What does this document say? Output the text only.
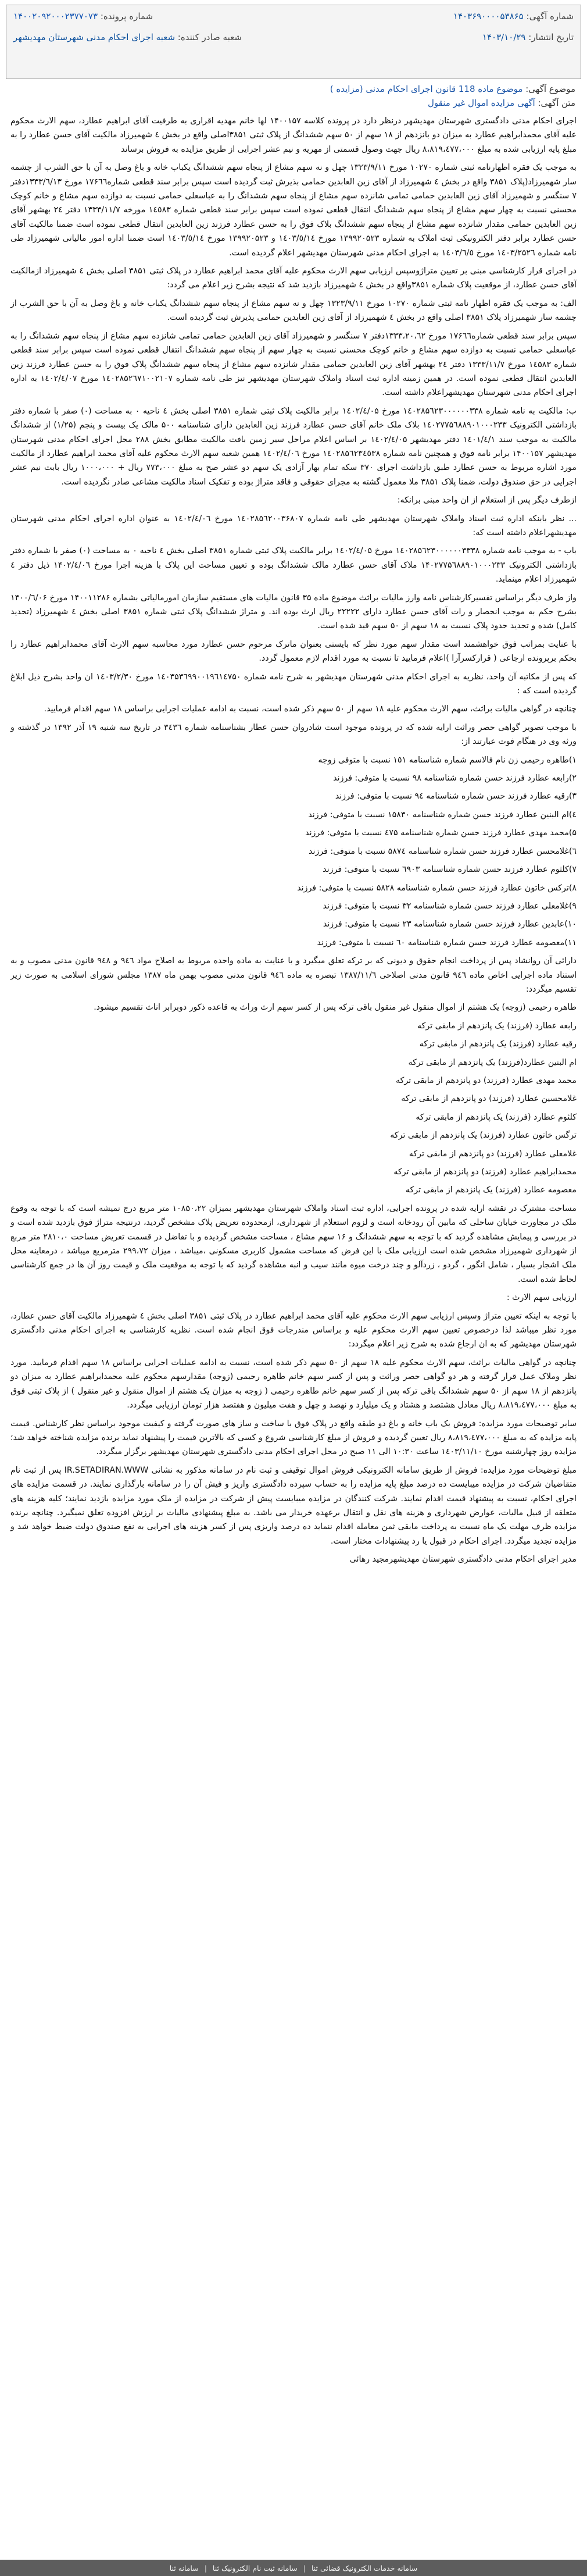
شماره آگهی: ۱۴۰۳۶۹۰۰۰۰۵۳۸۶۵
تاریخ انتشار: ۱۴۰۳/۱۰/۲۹
شماره پرونده: ۱۴۰۰۲۰۹۲۰۰۰۲۳۷۷۰۷۳
شعبه صادر کننده: شعبه اجرای احکام مدنی شهرستان مهدیشهر
موضوع آگهی: موضوع ماده 118 قانون اجرای احکام مدنی (مزایده )
متن آگهی: آگهی مزایده اموال غیر منقول

اجرای احکام مدنی دادگستری شهرستان مهدیشهر درنظر دارد در پرونده کلاسه ۱۴۰۰۱۵۷ لها خانم مهدیه اقراری به طرفیت آقای ابراهیم عطارد، سهم الارث محکوم علیه آقای محمدابراهیم عطارد به میزان دو بانزدهم از ۱۸ سهم از ۵۰ سهم ششدانگ از پلاک ثبتی ۳۸۵۱اصلی واقع در بخش ٤ شهمیرزاد مالکیت آقای حسن عطارد را به مبلغ پایه ارزیابی شده به مبلغ ۸،۸۱۹،٤۷۷،۰۰۰ ریال جهت وصول قسمتی از مهریه و نیم عشر اجرایی از طریق مزایده به فروش برساند

به موجب یک فقره اظهارنامه ثبتی شماره ۱۰۲۷۰ مورخ ۱۳۲۳/۹/۱۱ چهل و نه سهم مشاع از پنجاه سهم ششدانگ یکباب خانه و باغ وصل به آن با حق الشرب از چشمه سار شهمیرزاد(پلاک ۳۸۵۱ واقع در بخش ٤ شهمیرزاد از آقای زین العابدین حمامی بذیرش ثبت گردیده است سپس برابر سند قطعی شماره۱۷۶٦٦ مورخ ۱۳۳۳/٦/۱۳دفتر ۷ سنگسر و شهمیرزاد آقای زین العابدین حمامی تمامی شانزده سهم مشاع از پنجاه سهم ششدانگ را به عباسعلی حمامی نسبت به دوازده سهم مشاع و خانم کوچک محسنی نسبت به چهار سهم مشاع از پنجاه سهم ششدانگ انتقال قطعی نموده است سپس برابر سند قطعی شماره ۱٤٥٨۳ مورخه ۱۳۳۳/۱۱/۷ دفتر ۲٤ بهشهر آقای زین العابدین حمامی مقدار شانزده سهم مشاع از پنجاه سهم ششدانگ بلاک فوق را به حسن عطارد فرزند زین العابدین انتقال قطعی نموده است ضمنا مالکیت آقای حسن عطارد برابر دفتر الکترونیکی ثبت املاک به شماره ۱۳۹۹۲۰۵۲۳ مورخ ۱٤۰۳/٥/۱٤ و ۱۳۹۹۲۰۵۲۳ مورخ ۱٤۰۳/٥/۱٤ است ضمنا اداره امور مالیاتی شهمیرزاد طی نامه شماره ۱٤۰۳/۲۵۲٦ مورخ ۱٤۰۳/٦/٥ به اجرای احکام مدنی شهرستان مهدیشهر اعلام گردیده است.

در اجرای قرار کارشناسی مبنی بر تعیین متراژوسپس ارزیابی سهم الارث محکوم علیه آقای محمد ابراهیم عطارد در پلاک ثبتی ۳۸۵۱ اصلی بخش ٤ شهمیرزاد ازمالکیت آقای حسن عطارد، از موقعیت پلاک شماره ۳۸۵۱واقع در بخش ٤ شهمیرزاد بازدید شد که نتیجه بشرح زیر اعلام می گردد:

الف: به موجب یک فقره اظهار نامه ثبتی شماره ۱۰۲۷۰ مورخ ۱۳۲۳/۹/۱۱ چهل و نه سهم مشاع از پنجاه سهم ششدانگ یکباب خانه و باغ وصل به آن با حق الشرب از چشمه سار شهمیرزاد پلاک ۳۸۵۱ اصلی واقع در بخش ٤ شهمیرزاد از آقای زین العابدین حمامی پذیرش ثبت گردیده است.

سپس برابر سند قطعی شماره۱۷۶٦٦ مورخ ۱۳۳۳،۲۰،٦۲دفتر ۷ سنگسر و شهمیرزاد آقای زین العابدین حمامی تمامی شانزده سهم مشاع از پنجاه سهم ششدانگ را به عباسعلی حمامی نسبت به دوازده سهم مشاع و خانم کوچک محسنی نسبت به چهار سهم از پنجاه سهم ششدانگ انتقال قطعی نموده است سپس برابر سند قطعی شماره ۱٤۵۸۳ مورخ ۱۳۳۳/۱۱/۷ دفتر ۲٤ بهشهر آقای زین العابدین حمامی مقدار شانزده سهم مشاع از پنجاه سهم ششدانگ پلاک فوق را به حسن عطارد فرزند زین العابدین انتقال قطعی نموده است. در همین زمینه اداره ثبت اسناد واملاک شهرستان مهدیشهر نیز طی نامه شماره ۱٤۰۲۸۵۲٦۷۱۰۰۲۱۰۷ مورخ ۱٤۰۲/٤/۰۷ به اداره اجرای احکام مدنی شهرستان مهدیشهراعلام داشته است.

ب: مالکیت به نامه شماره ۱٤۰۲۸۵٦۲۳۰۰۰۰۰۰۳۳۸ مورخ ۱٤۰۲/٤/۰۵ برابر مالکیت پلاک ثبتی شماره ۳۸۵۱ اصلی بخش ٤ ناحیه ۰ به مساحت (۰) صفر با شماره دفتر بازداشتی الکترونیک ۱٤۰۲۷۷۵٦۸۸۹۰۱۰۰۰۲۳۳ بلاک ملک خانم آقای حسن عطارد فرزند زین العابدین دارای شناسنامه ۵۰۰ مالک یک بیست و پنجم (۱/۲۵) از ششدانگ مالکیت به موجب سند ۱٤۰۱/٤/۱ دفتر مهدیشهر ۱٤۰۲/٤/۰۵ بر اساس اعلام مراحل سیر زمین بافت مالکیت مطابق بخش ۲۸۸ محل اجرای احکام مدنی شهرستان مهدیشهر ۱۴۰۰۱۵۷ برابر نامه فوق و همچنین نامه شماره ۱٤۰۲۸۵٦۲۳٤٥۳۸ مورخ ۱٤۰۲/٤/۰٦ همین شعبه سهم الارث محکوم علیه آقای محمد ابراهیم عطارد از مالکیت مورد اشاره مربوط به حسن عطارد طبق بازداشت اجرای ۳۷۰ سکه تمام بهار آزادی یک سهم دو عشر صح به مبلغ ۷۷۳،۰۰۰ ریال + ۱۰۰۰،۰۰۰ ریال بابت نیم عشر اجرایی در حق صندوق دولت، ضمنا پلاک ۳۸۵۱ ملا معمول گشته به مجرای حقوقی و فاقد متراژ بوده و تفکیک اسناد مالکیت مشاعی صادر نگردیده است.

ازطرف دیگر پس از استعلام از ان واحد مبنی برانکه:

... نظر بابنکه اداره ثبت اسناد واملاک شهرستان مهدیشهر طی نامه شماره ۱٤۰۲۸۵٦۲۰۰۳۶۸۰۷ مورخ ۱٤۰۲/٤/۰٦ به عنوان اداره اجرای احکام مدنی شهرستان مهدیشهراعلام داشته است که:

باب - به موجب نامه شماره ۱٤۰۲۸۵٦۲۳۰۰۰۰۰۰۳۳۳۸ مورخ ۱٤۰۲/٤/۰۵ برابر مالکیت پلاک ثبتی شماره ۳۸۵۱ اصلی بخش ٤ ناحیه ۰ به مساحت (۰) صفر با شماره دفتر بازداشتی الکترونیک ۱۴۰۲۷۷۵٦۸۸۹۰۱۰۰۰۲۳۳ ملاک آقای حسن عطارد مالک ششدانگ بوده و تعیین مساحت این پلاک با هزینه اجرا مورخ ۱۴۰۲/٤/۰٦ ذیل دفتر ٤ شهمیرزاد اعلام مینماید.

واز طرف دیگر براساس تفسیرکارشناس نامه وارز مالیات براثث موضوع ماده ۳۵ قانون مالیات های مستقیم سازمان امورمالیاتی بشماره ۱۴۰۰۱۱۲۸۶ مورخ ۱۴۰۰/٦/۰۶ بشرح حکم به موجب انحصار و رات آقای حسن عطارد دارای ۲۲۲۲۲ ریال ارث بوده اند. و متراژ ششدانگ پلاک ثبتی شماره ۳۸۵۱ اصلی بخش ٤ شهمیرزاد (تحدید کامل) شده و تحدید حدود پلاک نسبت به ۱۸ سهم از ۵۰ سهم قید شده است.

با عنایت بمراتب فوق خواهشمند است مقدار سهم مورد نظر که بایستی بعنوان ماترک مرحوم حسن عطارد مورد محاسبه سهم الارث آقای محمدابراهیم عطارد را بحکم برپرونده ارجاعی ( قرارکسرآرا )اعلام فرمایید تا نسبت به مورد اقدام لازم معمول گردد.

که پس از مکاتبه آن واحد، نظریه به اجرای احکام مدنی شهرستان مهدیشهر به شرح نامه شماره ۱٤۰۳۵۳٦۹۹۰۰۱۹٦۱٤۷۵۰ مورخ ۱٤۰۳/۲/۳۰ ان واحد بشرح ذیل ابلاغ گردیده است که :

چنانچه در گواهی مالیات براثث، سهم الارث محکوم علیه ۱۸ سهم از ۵۰ سهم ذکر شده است، نسبت به ادامه عملیات اجرایی براساس ۱۸ سهم اقدام فرمایید.

با موجب تصویر گواهی حصر وراثت ارایه شده که در پرونده موجود است شادروان حسن عطار بشناسنامه شماره ۳٤۳٦ در تاریخ سه شنبه ۱۹ آذر ۱۳۹۲ در گذشته و ورثه وی در هنگام فوت عبارتند از:

۱)طاهره رحیمی زن نام فالاسم شماره شناسنامه ۱٥۱ نسبت با متوفی زوجه

۲)رابعه عطارد فرزند حسن شماره شناسنامه ۹۸ نسبت با متوفی: فرزند

۳)رقیه عطارد فرزند حسن شماره شناسنامه ۹٤ نسبت با متوفی: فرزند

٤)ام البنین عطارد فرزند حسن شماره شناسنامه ۱۵۸۳۰ نسبت با متوفی: فرزند

۵)محمد مهدی عطارد فرزند حسن شماره شناسنامه ٤۷۵ نسبت با متوفی: فرزند

٦)غلامحسن عطارد فرزند حسن شماره شناسنامه ۵۸۷٤ نسبت با متوفی: فرزند

۷)کلثوم عطارد فرزند حسن شماره شناسنامه ٦۹۰۳ نسبت با متوفی: فرزند

۸)ترکس خاتون عطارد فرزند حسن شماره شناسنامه ۵۸۲۸ نسبت با متوفی: فرزند

۹)غلامعلی عطارد فرزند حسن شماره شناسنامه ۳۲ نسبت با متوفی: فرزند

۱۰)عابدین عطارد فرزند حسن شماره شناسنامه ۲۳ نسبت با متوفی: فرزند

۱۱)معصومه عطارد فرزند حسن شماره شناسنامه ٦۰ نسبت با متوفی: فرزند

دارائی آن روانشاد پس از پرداخت انجام حقوق و دیونی که بر ترکه تعلق میگیرد و با عنایت به ماده واحده مربوط به اصلاح مواد ۹٤٦ و ۹٤۸ قانون مدنی مصوب و به استناد ماده اجرایی اخاص ماده ۹٤٦ قانون مدنی اصلاحی ۱۳۸۷/۱۱/٦ تبصره به ماده ۹٤٦ قانون مدنی مصوب بهمن ماه ۱۳۸۷ مجلس شورای اسلامی به صورت زیر تقسیم میگردد:

طاهره رحیمی (زوجه) یک هشتم از اموال منقول غیر منقول باقی ترکه پس از کسر سهم ارث وراث به قاعده ذکور دوبرابر اناث تقسیم میشود.

رابعه عطارد (فرزند) یک پانزدهم از مابقی ترکه

رقیه عطارد (فرزند) یک پانزدهم از مابقی ترکه

ام البنین عطارد(فرزند) یک پانزدهم از مابقی ترکه

محمد مهدی عطارد (فرزند) دو پانزدهم از مابقی ترکه

غلامحسین عطارد (فرزند) دو پانزدهم از مابقی ترکه

کلثوم عطارد (فرزند) یک پانزدهم از مابقی ترکه

ترگس خاتون عطارد (فرزند) یک پانزدهم از مابقی ترکه

غلامعلی عطارد (فرزند) دو پانزدهم از مابقی ترکه

محمدابراهیم عطارد (فرزند) دو پانزدهم از مابقی ترکه

معصومه عطارد (فرزند) یک پانزدهم از مابقی ترکه

مساحت مشترک در نقشه ارایه شده در پرونده اجرایی، اداره ثبت اسناد واملاک شهرستان مهدیشهر بمیزان ۱۰۸۵۰،۲۲ متر مربع درج نمیشه است که با توجه به وقوع ملک در مجاورت خیابان ساحلی که مابین آن رودخانه است و لزوم استعلام از شهرداری، ازمحدوده تعریض پلاک مشخص گردید، درنتیجه متراژ فوق بازدید شده است و در بررسی و پیمایش مشاهده گردید که با توجه به سهم ششدانگ و ۱۶ سهم مشاع ، مساحت مشخص گردیده و با تفاضل در قسمت تعریض مساحت ۲۸۱۰،۰ متر مربع از شهرداری شهمیرزاد مشخص شده است ارزیابی ملک با این فرض که مساحت مشمول کاربری مسکونی ،میباشد ، میزان ۲۹۹،۷۲ مترمربع میباشد ، درمعاینه محل ملک اشجار بسیار ، شامل انگور ، گردو ، زردآلو و چند درخت میوه مانند سیب و انبه مشاهده گردید که با توجه به موقعیت ملک و قیمت روز آن ها در جمع کارشناسی لحاظ شده است.

ارزیابی سهم الارث :

با توجه به اینکه تعیین متراژ وسپس ارزیابی سهم الارث محکوم علیه آقای محمد ابراهیم عطارد در پلاک ثبتی ۳۸۵۱ اصلی بخش ٤ شهمیرزاد مالکیت آقای حسن عطارد، مورد نظر میباشد لذا درخصوص تعیین سهم الارث محکوم علیه و براساس مندرجات فوق انجام شده است. نظریه کارشناسی به اجرای احکام مدنی دادگستری شهرستان مهدیشهر که به ان ارجاع شده به شرح زیر اعلام میگردد:

چنانچه در گواهی مالیات براثث، سهم الارث محکوم علیه ۱۸ سهم از ۵۰ سهم ذکر شده است، نسبت به ادامه عملیات اجرایی براساس ۱۸ سهم اقدام فرمایید. مورد نظر وملاک عمل قرار گرفته و هر دو گواهی حصر وراثت و پس از کسر سهم خانم طاهره رحیمی (زوجه) مقدارسهم محکوم علیه محمدابراهیم عطارد به میزان دو پانزدهم از ۱۸ سهم از ۵۰ سهم ششدانگ باقی ترکه پس از کسر سهم خانم طاهره رحیمی ( زوجه به میزان یک هشتم از اموال منقول و غیر منقول ) از پلاک ثبتی فوق به مبلغ ۸،۸۱۹،٤۷۷،۰۰۰ ریال معادل هشتصد و هشتاد و یک میلیارد و نهصد و چهل و هفت میلیون و هفتصد هزار تومان ارزیابی میگردد.

سایر توضیحات مورد مزایده: فروش یک باب خانه و باغ دو طبقه واقع در پلاک فوق با ساخت و ساز های صورت گرفته و کیفیت موجود براساس نظر کارشناس. قیمت پایه مزایده که به مبلغ ۸،۸۱۹،٤۷۷،۰۰۰ ریال تعیین گردیده و فروش از مبلغ کارشناسی شروع و کسی که بالاترین قیمت را پیشنهاد نماید برنده مزایده شناخته خواهد شد؛ مزایده روز چهارشنبه مورخ ۱٤۰۳/۱۱/۱۰ ساعت ۱۰:۳۰ الی ۱۱ صبح در محل اجرای احکام مدنی دادگستری شهرستان مهدیشهر برگزار میگردد.

مبلغ توضیحات مورد مزایده: فروش از طریق سامانه الکترونیکی فروش اموال توقیفی و ثبت نام در سامانه مذکور به نشانی IR.SETADIRAN.WWW پس از ثبت نام متقاضیان شرکت در مزایده میبایست ده درصد مبلغ پایه مزایده را به حساب سپرده دادگستری واریز و فیش آن را در سامانه بارگذاری نمایند. در قسمت مزایده های اجرای احکام، نسبت به پیشنهاد قیمت اقدام نمایند. شرکت کنندگان در مزایده میبایست پیش از شرکت در مزایده از ملک مورد مزایده بازدید نمایند؛ کلیه هزینه های متعلقه از قبیل مالیات، عوارض شهرداری و هزینه های نقل و انتقال برعهده خریدار می باشد. به مبلغ پیشنهادی مالیات بر ارزش افزوده تعلق نمیگیرد. چنانچه برنده مزایده ظرف مهلت یک ماه نسبت به پرداخت مابقی ثمن معامله اقدام ننماید ده درصد واریزی پس از کسر هزینه های اجرایی به نفع صندوق دولت ضبط خواهد شد و مزایده تجدید میگردد. اجرای احکام در قبول یا رد پیشنهادات مختار است.

مدیر اجرای احکام مدنی دادگستری شهرستان مهدیشهرمجید رهائی

سامانه خدمات الکترونیک قضائی ثنا
|
سامانه ثبت نام الکترونیک ثنا
|
سامانه ثنا
